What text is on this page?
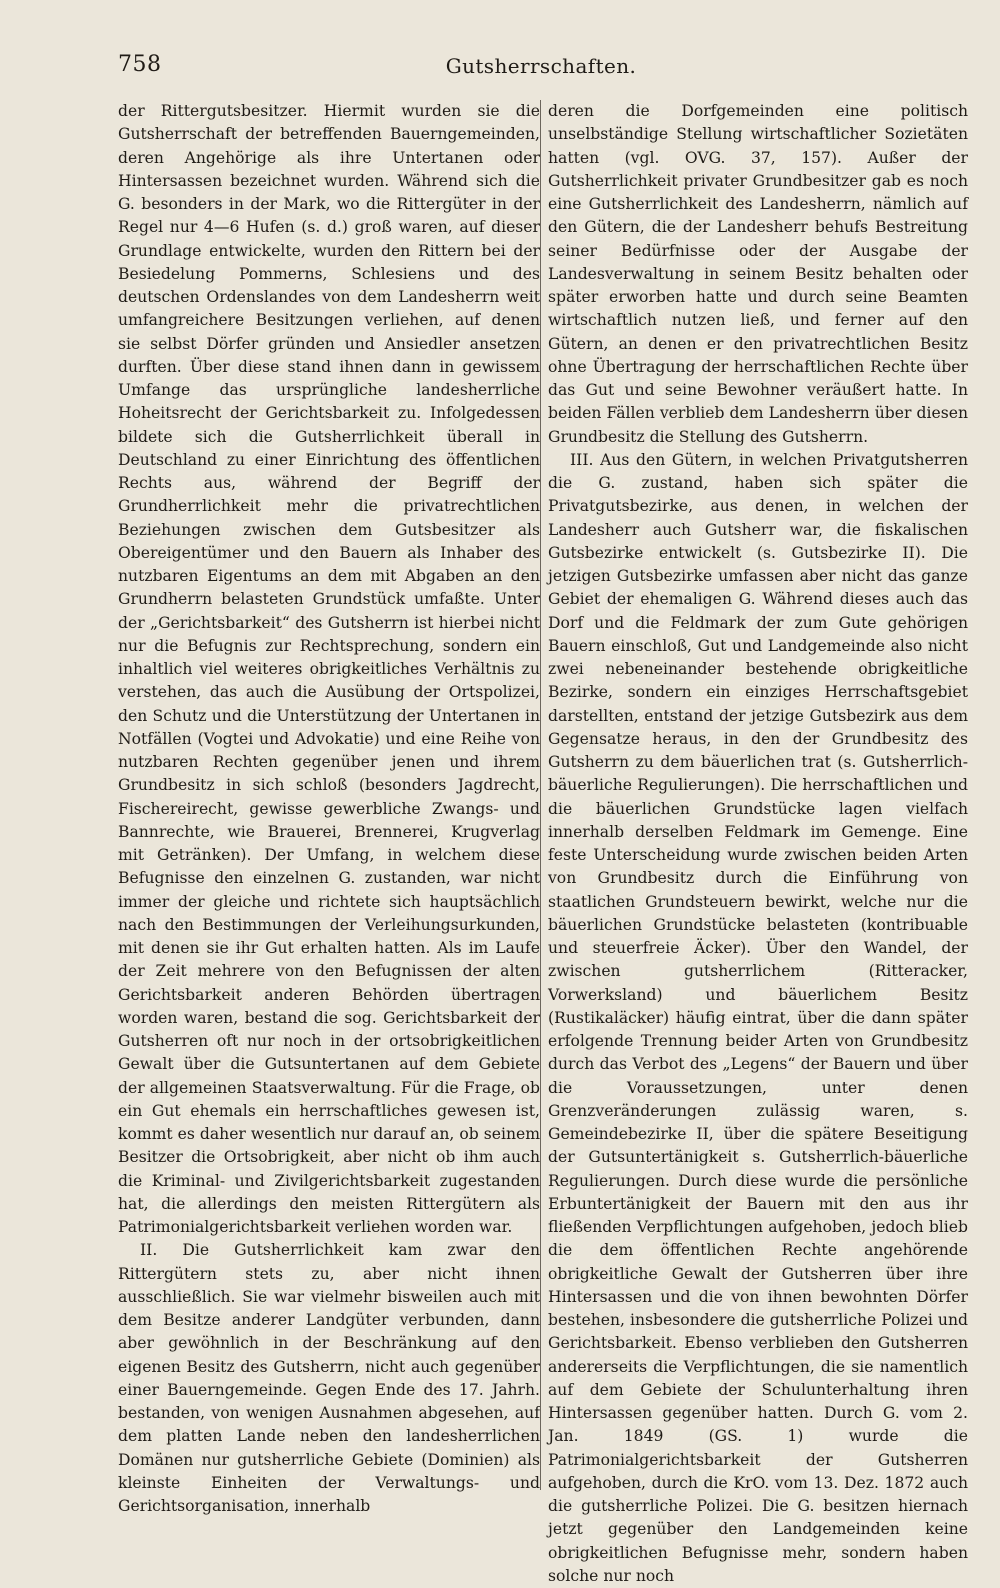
758	Gutsherrschaften.

der Rittergutsbesitzer. Hiermit wurden sie die Gutsherrschaft der betreffenden Bauerngemeinden, deren Angehörige als ihre Untertanen oder Hintersassen bezeichnet wurden. Während sich die G. besonders in der Mark, wo die Rittergüter in der Regel nur 4—6 Hufen (s. d.) groß waren, auf dieser Grundlage entwickelte, wurden den Rittern bei der Besiedelung Pommerns, Schlesiens und des deutschen Ordenslandes von dem Landesherrn weit umfangreichere Besitzungen verliehen, auf denen sie selbst Dörfer gründen und Ansiedler ansetzen durften. Über diese stand ihnen dann in gewissem Umfange das ursprüngliche landesherrliche Hoheitsrecht der Gerichtsbarkeit zu. Infolgedessen bildete sich die Gutsherrlichkeit überall in Deutschland zu einer Einrichtung des öffentlichen Rechts aus, während der Begriff der Grundherrlichkeit mehr die privatrechtlichen Beziehungen zwischen dem Gutsbesitzer als Obereigentümer und den Bauern als Inhaber des nutzbaren Eigentums an dem mit Abgaben an den Grundherrn belasteten Grundstück umfaßte. Unter der „Gerichtsbarkeit“ des Gutsherrn ist hierbei nicht nur die Befugnis zur Rechtsprechung, sondern ein inhaltlich viel weiteres obrigkeitliches Verhältnis zu verstehen, das auch die Ausübung der Ortspolizei, den Schutz und die Unterstützung der Untertanen in Notfällen (Vogtei und Advokatie) und eine Reihe von nutzbaren Rechten gegenüber jenen und ihrem Grundbesitz in sich schloß (besonders Jagdrecht, Fischereirecht, gewisse gewerbliche Zwangs- und Bannrechte, wie Brauerei, Brennerei, Krugverlag mit Getränken). Der Umfang, in welchem diese Befugnisse den einzelnen G. zustanden, war nicht immer der gleiche und richtete sich hauptsächlich nach den Bestimmungen der Verleihungsurkunden, mit denen sie ihr Gut erhalten hatten. Als im Laufe der Zeit mehrere von den Befugnissen der alten Gerichtsbarkeit anderen Behörden übertragen worden waren, bestand die sog. Gerichtsbarkeit der Gutsherren oft nur noch in der ortsobrigkeitlichen Gewalt über die Gutsuntertanen auf dem Gebiete der allgemeinen Staatsverwaltung. Für die Frage, ob ein Gut ehemals ein herrschaftliches gewesen ist, kommt es daher wesentlich nur darauf an, ob seinem Besitzer die Ortsobrigkeit, aber nicht ob ihm auch die Kriminal- und Zivilgerichtsbarkeit zugestanden hat, die allerdings den meisten Rittergütern als Patrimonialgerichtsbarkeit verliehen worden war.

II. Die Gutsherrlichkeit kam zwar den Rittergütern stets zu, aber nicht ihnen ausschließlich. Sie war vielmehr bisweilen auch mit dem Besitze anderer Landgüter verbunden, dann aber gewöhnlich in der Beschränkung auf den eigenen Besitz des Gutsherrn, nicht auch gegenüber einer Bauerngemeinde. Gegen Ende des 17. Jahrh. bestanden, von wenigen Ausnahmen abgesehen, auf dem platten Lande neben den landesherrlichen Domänen nur gutsherrliche Gebiete (Dominien) als kleinste Einheiten der Verwaltungs- und Gerichtsorganisation, innerhalb

deren die Dorfgemeinden eine politisch unselbständige Stellung wirtschaftlicher Sozietäten hatten (vgl. OVG. 37, 157). Außer der Gutsherrlichkeit privater Grundbesitzer gab es noch eine Gutsherrlichkeit des Landesherrn, nämlich auf den Gütern, die der Landesherr behufs Bestreitung seiner Bedürfnisse oder der Ausgabe der Landesverwaltung in seinem Besitz behalten oder später erworben hatte und durch seine Beamten wirtschaftlich nutzen ließ, und ferner auf den Gütern, an denen er den privatrechtlichen Besitz ohne Übertragung der herrschaftlichen Rechte über das Gut und seine Bewohner veräußert hatte. In beiden Fällen verblieb dem Landesherrn über diesen Grundbesitz die Stellung des Gutsherrn.

III. Aus den Gütern, in welchen Privatgutsherren die G. zustand, haben sich später die Privatgutsbezirke, aus denen, in welchen der Landesherr auch Gutsherr war, die fiskalischen Gutsbezirke entwickelt (s. Gutsbezirke II). Die jetzigen Gutsbezirke umfassen aber nicht das ganze Gebiet der ehemaligen G. Während dieses auch das Dorf und die Feldmark der zum Gute gehörigen Bauern einschloß, Gut und Landgemeinde also nicht zwei nebeneinander bestehende obrigkeitliche Bezirke, sondern ein einziges Herrschaftsgebiet darstellten, entstand der jetzige Gutsbezirk aus dem Gegensatze heraus, in den der Grundbesitz des Gutsherrn zu dem bäuerlichen trat (s. Gutsherrlich-bäuerliche Regulierungen). Die herrschaftlichen und die bäuerlichen Grundstücke lagen vielfach innerhalb derselben Feldmark im Gemenge. Eine feste Unterscheidung wurde zwischen beiden Arten von Grundbesitz durch die Einführung von staatlichen Grundsteuern bewirkt, welche nur die bäuerlichen Grundstücke belasteten (kontribuable und steuerfreie Äcker). Über den Wandel, der zwischen gutsherrlichem (Ritteracker, Vorwerksland) und bäuerlichem Besitz (Rustikaläcker) häufig eintrat, über die dann später erfolgende Trennung beider Arten von Grundbesitz durch das Verbot des „Legens“ der Bauern und über die Voraussetzungen, unter denen Grenzveränderungen zulässig waren, s. Gemeindebezirke II, über die spätere Beseitigung der Gutsuntertänigkeit s. Gutsherrlich-bäuerliche Regulierungen. Durch diese wurde die persönliche Erbuntertänigkeit der Bauern mit den aus ihr fließenden Verpflichtungen aufgehoben, jedoch blieb die dem öffentlichen Rechte angehörende obrigkeitliche Gewalt der Gutsherren über ihre Hintersassen und die von ihnen bewohnten Dörfer bestehen, insbesondere die gutsherrliche Polizei und Gerichtsbarkeit. Ebenso verblieben den Gutsherren andererseits die Verpflichtungen, die sie namentlich auf dem Gebiete der Schulunterhaltung ihren Hintersassen gegenüber hatten. Durch G. vom 2. Jan. 1849 (GS. 1) wurde die Patrimonialgerichtsbarkeit der Gutsherren aufgehoben, durch die KrO. vom 13. Dez. 1872 auch die gutsherrliche Polizei. Die G. besitzen hiernach jetzt gegenüber den Landgemeinden keine obrigkeitlichen Befugnisse mehr, sondern haben solche nur noch
